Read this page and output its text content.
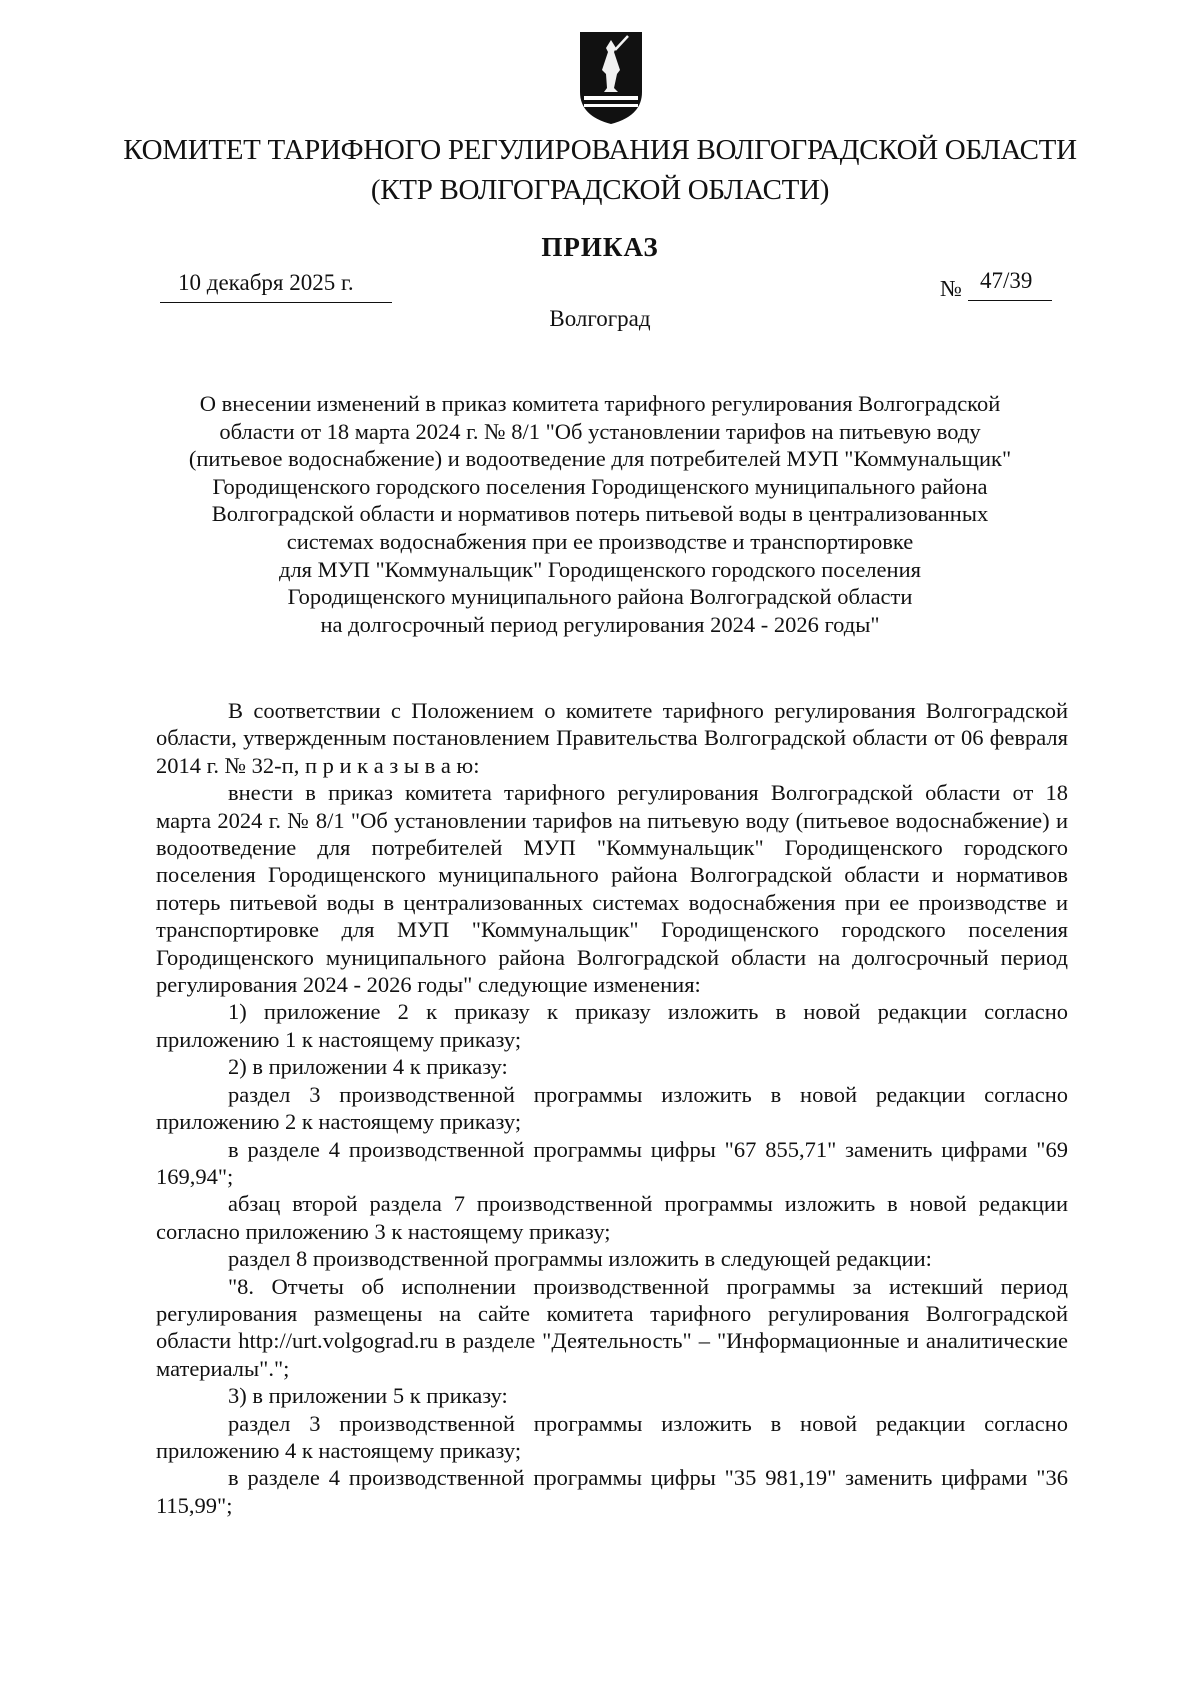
КОМИТЕТ ТАРИФНОГО РЕГУЛИРОВАНИЯ ВОЛГОГРАДСКОЙ ОБЛАСТИ
(КТР ВОЛГОГРАДСКОЙ ОБЛАСТИ)
ПРИКАЗ
10 декабря 2025 г.	№ 47/39
Волгоград
О внесении изменений в приказ комитета тарифного регулирования Волгоградской
области от 18 марта 2024 г. № 8/1 "Об установлении тарифов на питьевую воду
(питьевое водоснабжение) и водоотведение для потребителей МУП "Коммунальщик"
Городищенского городского поселения Городищенского муниципального района
Волгоградской области и нормативов потерь питьевой воды в централизованных
системах водоснабжения при ее производстве и транспортировке
для МУП "Коммунальщик" Городищенского городского поселения
Городищенского муниципального района Волгоградской области
на долгосрочный период регулирования 2024 - 2026 годы"

В соответствии с Положением о комитете тарифного регулирования Волгоградской области, утвержденным постановлением Правительства Волгоградской области от 06 февраля 2014 г. № 32-п, п р и к а з ы в а ю:

внести в приказ комитета тарифного регулирования Волгоградской области от 18 марта 2024 г. № 8/1 "Об установлении тарифов на питьевую воду (питьевое водоснабжение) и водоотведение для потребителей МУП "Коммунальщик" Городищенского городского поселения Городищенского муниципального района Волгоградской области и нормативов потерь питьевой воды в централизованных системах водоснабжения при ее производстве и транспортировке для МУП "Коммунальщик" Городищенского городского поселения Городищенского муниципального района Волгоградской области на долгосрочный период регулирования 2024 - 2026 годы" следующие изменения:

1) приложение 2 к приказу к приказу изложить в новой редакции согласно приложению 1 к настоящему приказу;

2) в приложении 4 к приказу:

раздел 3 производственной программы изложить в новой редакции согласно приложению 2 к настоящему приказу;

в разделе 4 производственной программы цифры "67 855,71" заменить цифрами "69 169,94";

абзац второй раздела 7 производственной программы изложить в новой редакции согласно приложению 3 к настоящему приказу;

раздел 8 производственной программы изложить в следующей редакции:

"8. Отчеты об исполнении производственной программы за истекший период регулирования размещены на сайте комитета тарифного регулирования Волгоградской области http://urt.volgograd.ru в разделе "Деятельность" – "Информационные и аналитические материалы".";

3) в приложении 5 к приказу:

раздел 3 производственной программы изложить в новой редакции согласно приложению 4 к настоящему приказу;

в разделе 4 производственной программы цифры "35 981,19" заменить цифрами "36 115,99";
